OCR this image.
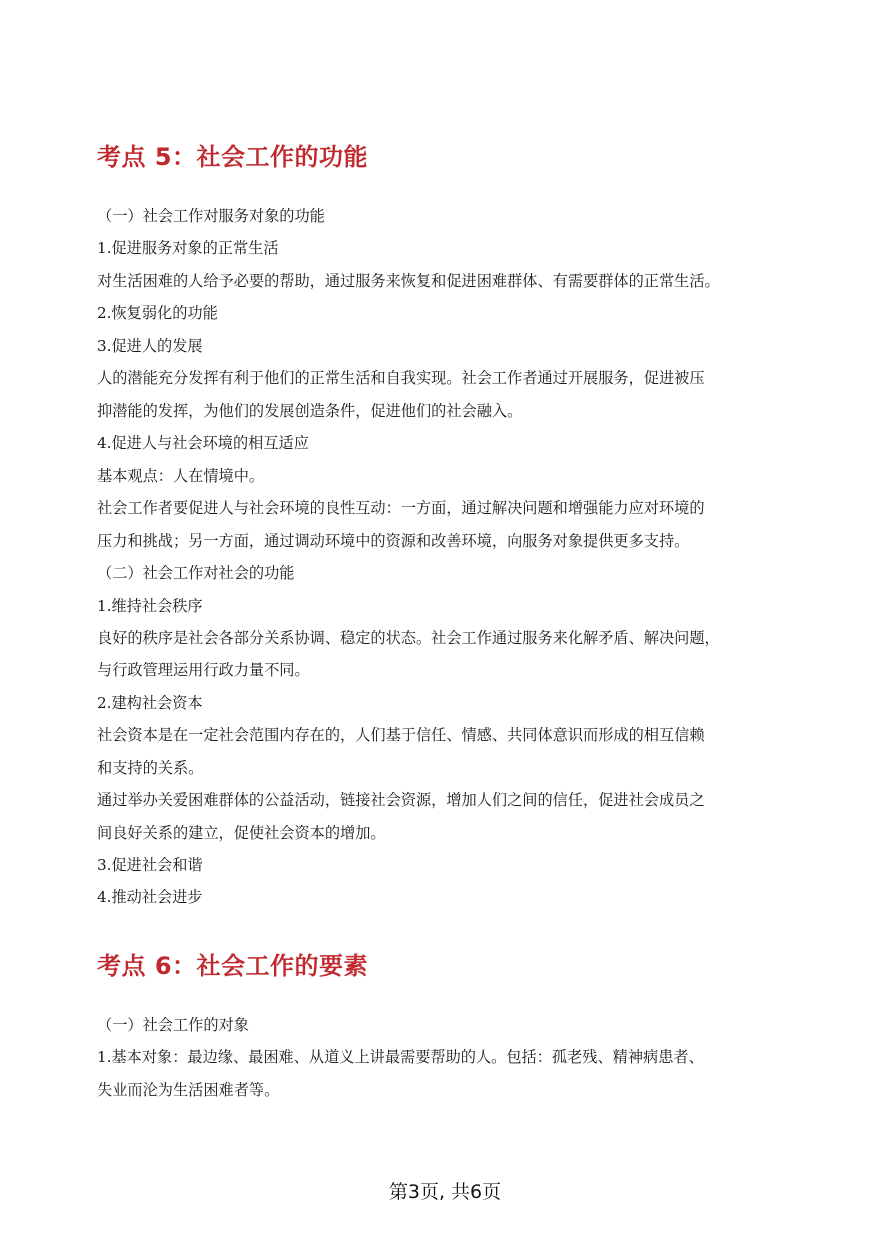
考点 5：社会工作的功能
（一）社会工作对服务对象的功能
1.促进服务对象的正常生活
对生活困难的人给予必要的帮助，通过服务来恢复和促进困难群体、有需要群体的正常生活。
2.恢复弱化的功能
3.促进人的发展
人的潜能充分发挥有利于他们的正常生活和自我实现。社会工作者通过开展服务，促进被压
抑潜能的发挥，为他们的发展创造条件，促进他们的社会融入。
4.促进人与社会环境的相互适应
基本观点：人在情境中。
社会工作者要促进人与社会环境的良性互动：一方面，通过解决问题和增强能力应对环境的
压力和挑战；另一方面，通过调动环境中的资源和改善环境，向服务对象提供更多支持。
（二）社会工作对社会的功能
1.维持社会秩序
良好的秩序是社会各部分关系协调、稳定的状态。社会工作通过服务来化解矛盾、解决问题，
与行政管理运用行政力量不同。
2.建构社会资本
社会资本是在一定社会范围内存在的，人们基于信任、情感、共同体意识而形成的相互信赖
和支持的关系。
通过举办关爱困难群体的公益活动，链接社会资源，增加人们之间的信任，促进社会成员之
间良好关系的建立，促使社会资本的增加。
3.促进社会和谐
4.推动社会进步
考点 6：社会工作的要素
（一）社会工作的对象
1.基本对象：最边缘、最困难、从道义上讲最需要帮助的人。包括：孤老残、精神病患者、
失业而沦为生活困难者等。
第3页, 共6页
